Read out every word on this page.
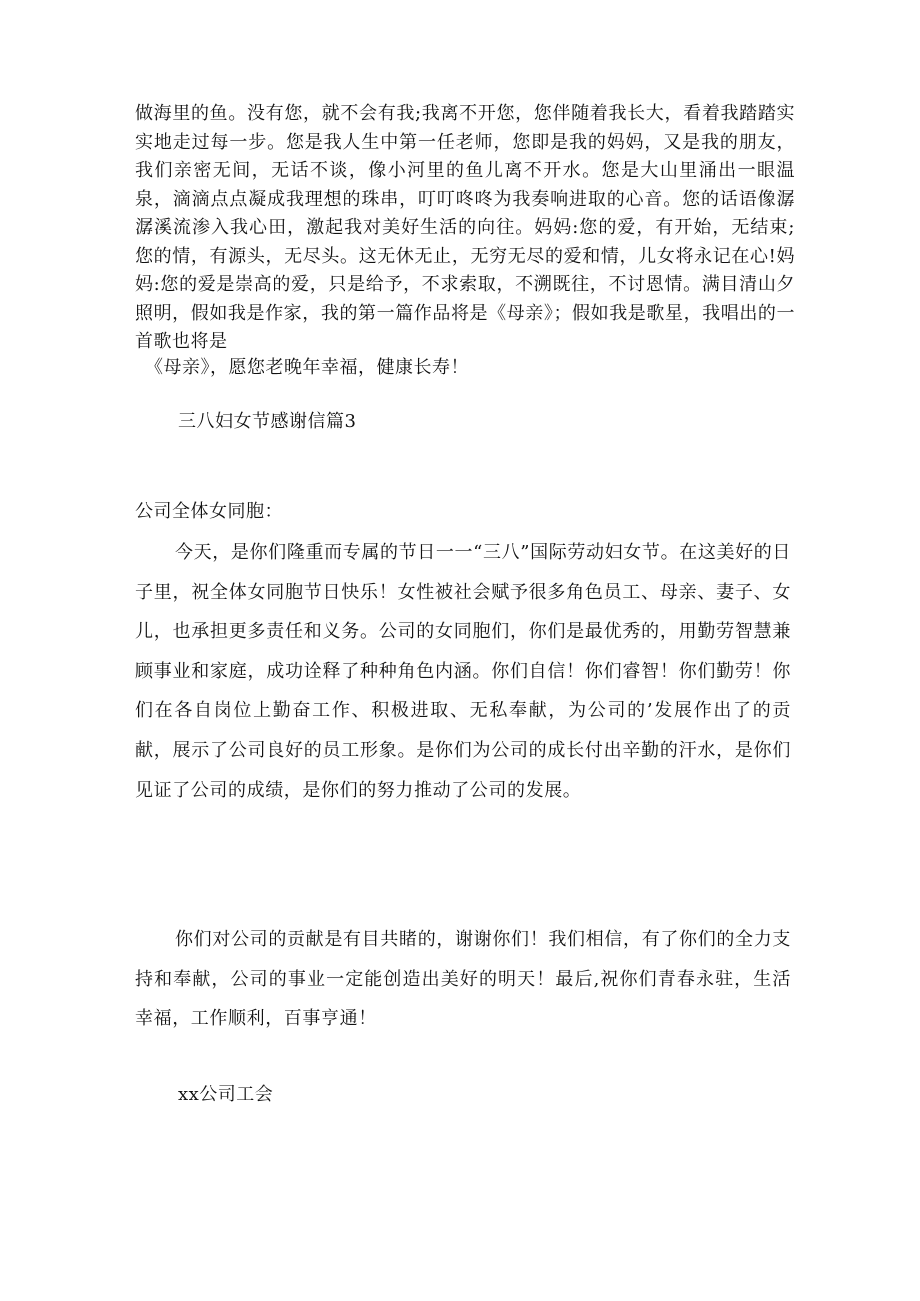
做海里的鱼。没有您，就不会有我;我离不开您，您伴随着我长大，看着我踏踏实实地走过每一步。您是我人生中第一任老师，您即是我的妈妈，又是我的朋友，我们亲密无间，无话不谈，像小河里的鱼儿离不开水。您是大山里涌出一眼温泉，滴滴点点凝成我理想的珠串，叮叮咚咚为我奏响进取的心音。您的话语像潺潺溪流渗入我心田，激起我对美好生活的向往。妈妈:您的爱，有开始，无结束;您的情，有源头，无尽头。这无休无止，无穷无尽的爱和情，儿女将永记在心!妈妈:您的爱是崇高的爱，只是给予，不求索取，不溯既往，不讨恩情。满目清山夕照明，假如我是作家，我的第一篇作品将是《母亲》；假如我是歌星，我唱出的一首歌也将是
《母亲》，愿您老晚年幸福，健康长寿！
三八妇女节感谢信篇3
公司全体女同胞：
今天，是你们隆重而专属的节日一一“三八”国际劳动妇女节。在这美好的日子里，祝全体女同胞节日快乐！女性被社会赋予很多角色员工、母亲、妻子、女儿，也承担更多责任和义务。公司的女同胞们，你们是最优秀的，用勤劳智慧兼顾事业和家庭，成功诠释了种种角色内涵。你们自信！你们睿智！你们勤劳！你们在各自岗位上勤奋工作、积极进取、无私奉献，为公司的’发展作出了的贡献，展示了公司良好的员工形象。是你们为公司的成长付出辛勤的汗水，是你们见证了公司的成绩，是你们的努力推动了公司的发展。
你们对公司的贡献是有目共睹的，谢谢你们！我们相信，有了你们的全力支持和奉献，公司的事业一定能创造出美好的明天！最后,祝你们青春永驻，生活幸福，工作顺利，百事亨通！
xx公司工会
